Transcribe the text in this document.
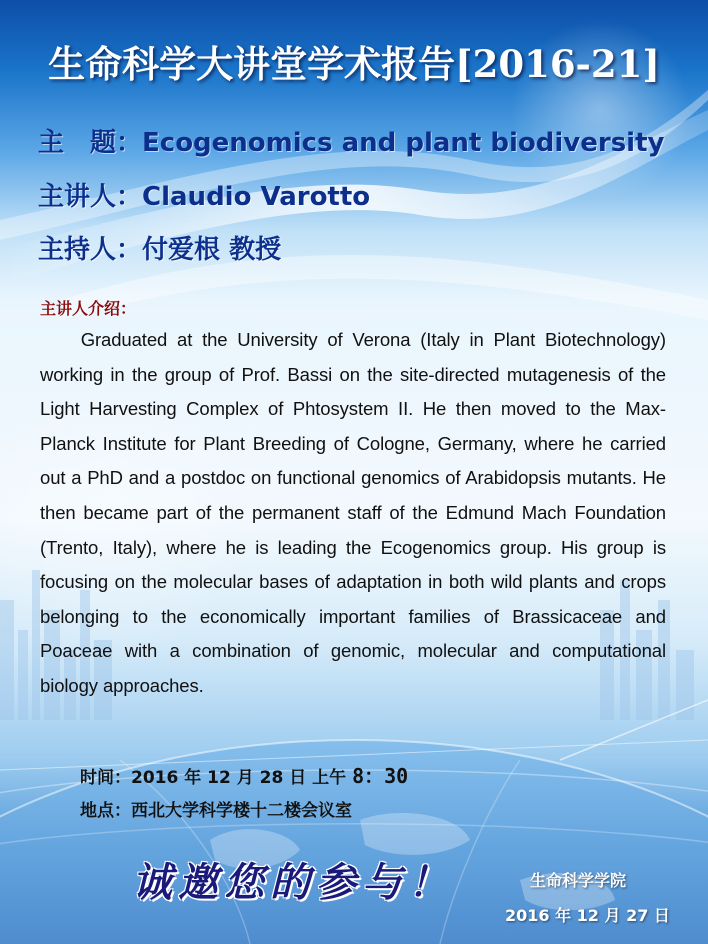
生命科学大讲堂学术报告[2016-21]
主　题：Ecogenomics and plant biodiversity
主讲人：Claudio Varotto
主持人：付爱根 教授
主讲人介绍：
Graduated at the University of Verona (Italy in Plant Biotechnology) working in the group of Prof. Bassi on the site-directed mutagenesis of the Light Harvesting Complex of Phtosystem II. He then moved to the Max-Planck Institute for Plant Breeding of Cologne, Germany, where he carried out a PhD and a postdoc on functional genomics of Arabidopsis mutants. He then became part of the permanent staff of the Edmund Mach Foundation (Trento, Italy), where he is leading the Ecogenomics group. His group is focusing on the molecular bases of adaptation in both wild plants and crops belonging to the economically important families of Brassicaceae and Poaceae with a combination of genomic, molecular and computational biology approaches.
时间：2016 年 12 月 28 日 上午 8：30
地点：西北大学科学楼十二楼会议室
诚邀您的参与！	生命科学学院
2016 年 12 月 27 日
